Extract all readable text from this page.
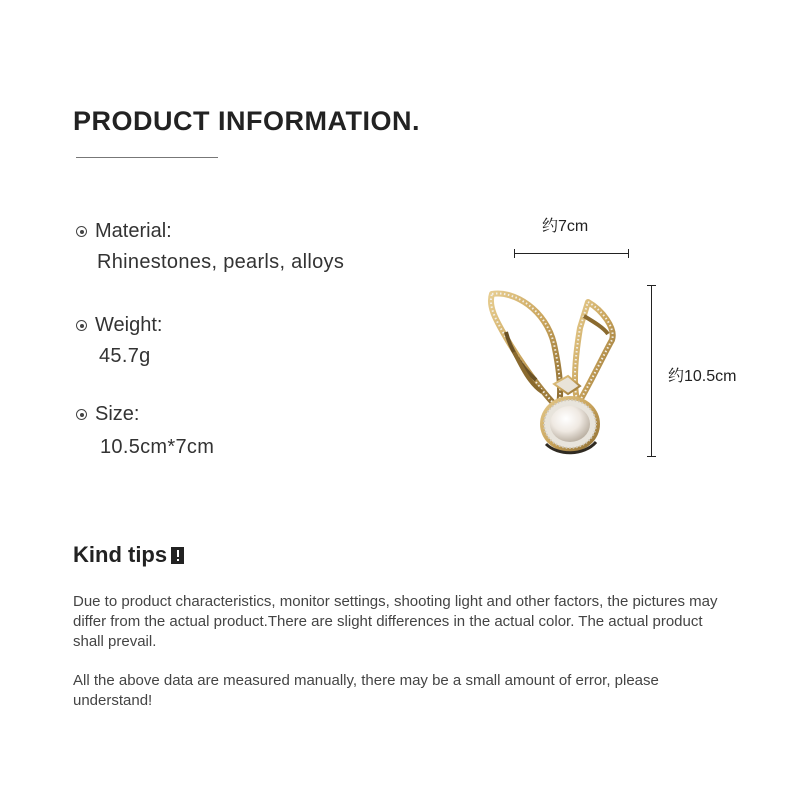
PRODUCT INFORMATION.
Material:
Rhinestones, pearls, alloys
Weight:
45.7g
Size:
10.5cm*7cm
约7cm
约10.5cm
Kind tips

Due to product characteristics, monitor settings, shooting light and other factors, the pictures may differ from the actual product.There are slight differences in the actual color. The actual product shall prevail.

All the above data are measured manually, there may be a small amount of error, please understand!
